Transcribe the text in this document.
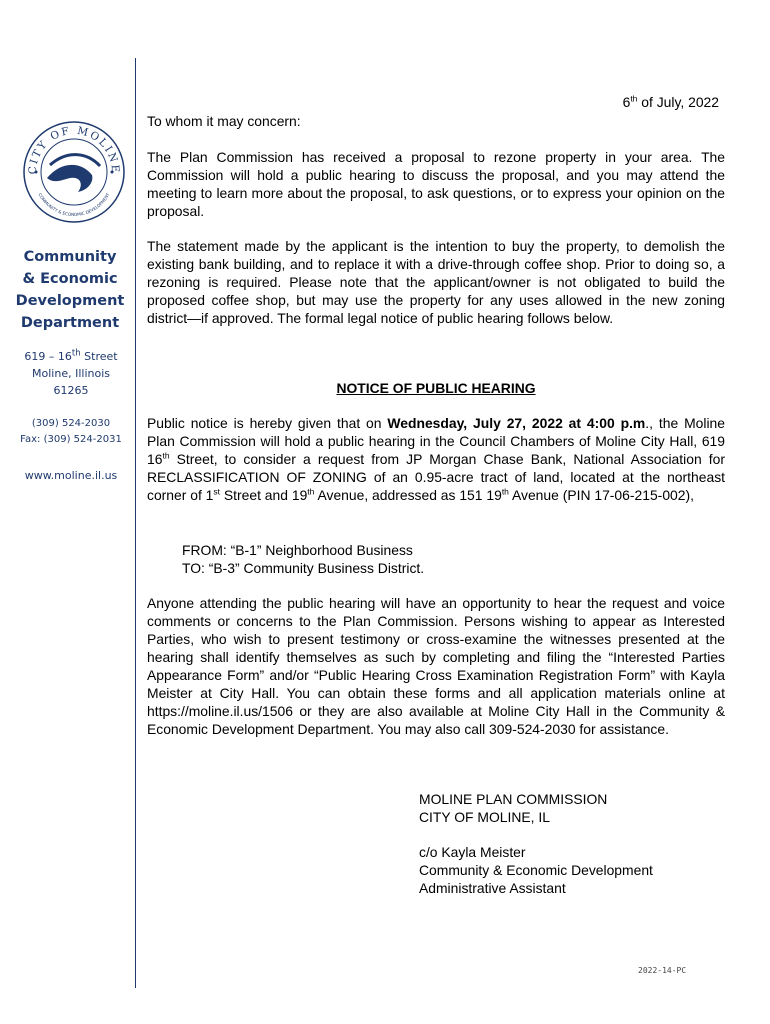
CITY OF MOLINE
COMMUNITY & ECONOMIC DEVELOPMENT
Community
& Economic
Development
Department
619 – 16th Street
Moline, Illinois
61265
(309) 524-2030
Fax: (309) 524-2031
www.moline.il.us
6th of July, 2022

To whom it may concern:

The Plan Commission has received a proposal to rezone property in your area. The Commission will hold a public hearing to discuss the proposal, and you may attend the meeting to learn more about the proposal, to ask questions, or to express your opinion on the proposal.

The statement made by the applicant is the intention to buy the property, to demolish the existing bank building, and to replace it with a drive-through coffee shop. Prior to doing so, a rezoning is required. Please note that the applicant/owner is not obligated to build the proposed coffee shop, but may use the property for any uses allowed in the new zoning district—if approved. The formal legal notice of public hearing follows below.

NOTICE OF PUBLIC HEARING

Public notice is hereby given that on Wednesday, July 27, 2022 at 4:00 p.m., the Moline Plan Commission will hold a public hearing in the Council Chambers of Moline City Hall, 619 16th Street, to consider a request from JP Morgan Chase Bank, National Association for RECLASSIFICATION OF ZONING of an 0.95-acre tract of land, located at the northeast corner of 1st Street and 19th Avenue, addressed as 151 19th Avenue (PIN 17-06-215-002),

FROM: “B-1” Neighborhood Business
TO: “B-3” Community Business District.

Anyone attending the public hearing will have an opportunity to hear the request and voice comments or concerns to the Plan Commission. Persons wishing to appear as Interested Parties, who wish to present testimony or cross-examine the witnesses presented at the hearing shall identify themselves as such by completing and filing the “Interested Parties Appearance Form” and/or “Public Hearing Cross Examination Registration Form” with Kayla Meister at City Hall. You can obtain these forms and all application materials online at https://moline.il.us/1506 or they are also available at Moline City Hall in the Community & Economic Development Department. You may also call 309-524-2030 for assistance.

MOLINE PLAN COMMISSION
CITY OF MOLINE, IL
c/o Kayla Meister
Community & Economic Development
Administrative Assistant
2022-14-PC
